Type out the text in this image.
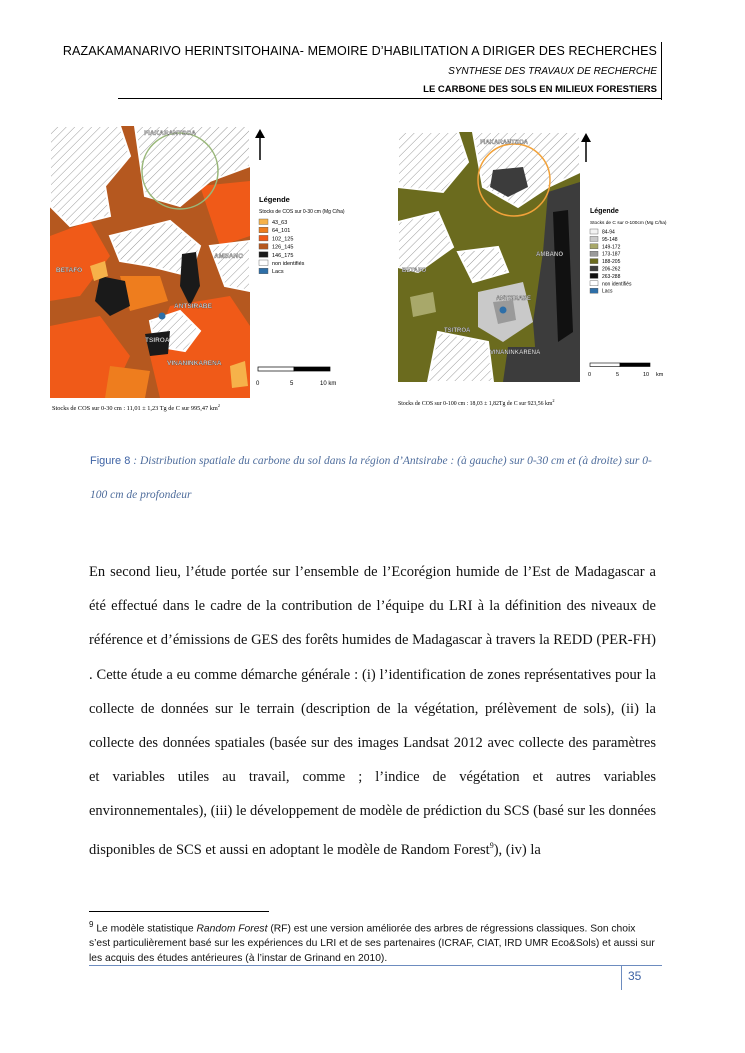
RAZAKAMANARIVO HERINTSITOHAINA- MEMOIRE D’HABILITATION A DIRIGER DES RECHERCHES
SYNTHESE DES TRAVAUX DE RECHERCHE
LE CARBONE DES SOLS EN MILIEUX FORESTIERS
FIAKARANTSOA
AMBANO
BETAFO
ANTSIRABE
TSIROA
VINANINKARENA
Légende
Stocks de COS sur 0-30 cm (Mg C/ha)
43_63
64_101
102_125
126_145
146_175
non identifiés
Lacs
0	5	10 km
Stocks de COS sur 0-30 cm : 11,01 ± 1,23 Tg de C sur 995,47 $km^2$
FIAKARANTSOA
AMBANO
BETAFO
ANTSIRABE
TSITROA
VINANINKARENA
Légende
Stocks de C sur 0-100cm (Mg C/ha)
84-94
95-148
149-172
173-187
188-205
206-262
263-288
non identifiés
Lacs
0	5	10 km
Stocks de COS sur 0-100 cm : 18,03 ± 1,82Tg de C sur 923,56 $km^2$
Figure 8 : Distribution spatiale du carbone du sol dans la région d’Antsirabe : (à gauche) sur 0-30 cm et (à droite) sur 0-100 cm de profondeur
En second lieu, l’étude portée sur l’ensemble de l’Ecorégion humide de l’Est de Madagascar a été effectué dans le cadre de la contribution de l’équipe du LRI à la définition des niveaux de référence et d’émissions de GES des forêts humides de Madagascar à travers la REDD (PER-FH) . Cette étude a eu comme démarche générale : (i) l’identification de zones représentatives pour la collecte de données sur le terrain (description de la végétation, prélèvement de sols), (ii) la collecte des données spatiales (basée sur des images Landsat 2012 avec collecte des paramètres et variables utiles au travail, comme ; l’indice de végétation et autres variables environnementales), (iii) le développement de modèle de prédiction du SCS (basé sur les données disponibles de SCS et aussi en adoptant le modèle de Random Forest$^9$), (iv) la
$^9$ Le modèle statistique Random Forest (RF) est une version améliorée des arbres de régressions classiques. Son choix s’est particulièrement basé sur les expériences du LRI et de ses partenaires (ICRAF, CIAT, IRD UMR Eco&Sols) et aussi sur les acquis des études antérieures (à l’instar de Grinand en 2010).
35
